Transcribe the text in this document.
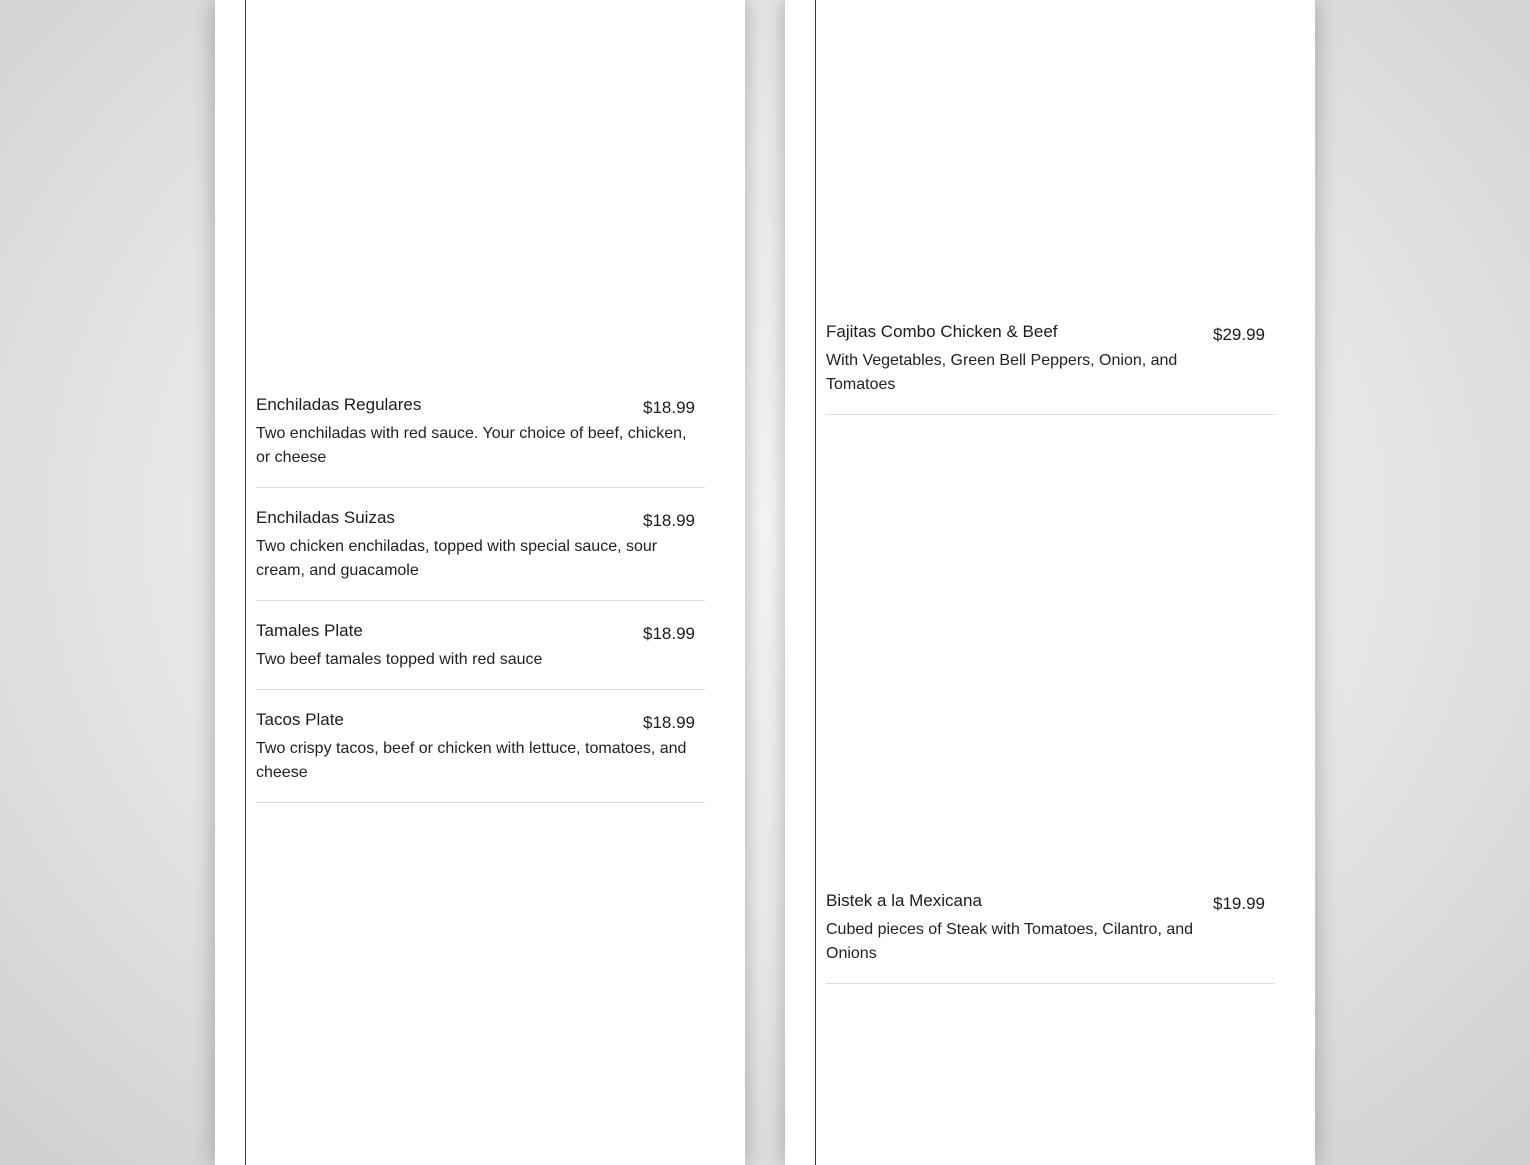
Enchiladas Regulares	$18.99
Two enchiladas with red sauce. Your choice of beef, chicken, or cheese
Enchiladas Suizas	$18.99
Two chicken enchiladas, topped with special sauce, sour cream, and guacamole
Tamales Plate	$18.99
Two beef tamales topped with red sauce
Tacos Plate	$18.99
Two crispy tacos, beef or chicken with lettuce, tomatoes, and cheese
Fajitas Combo Chicken & Beef	$29.99
With Vegetables, Green Bell Peppers, Onion, and Tomatoes
Bistek a la Mexicana	$19.99
Cubed pieces of Steak with Tomatoes, Cilantro, and Onions
